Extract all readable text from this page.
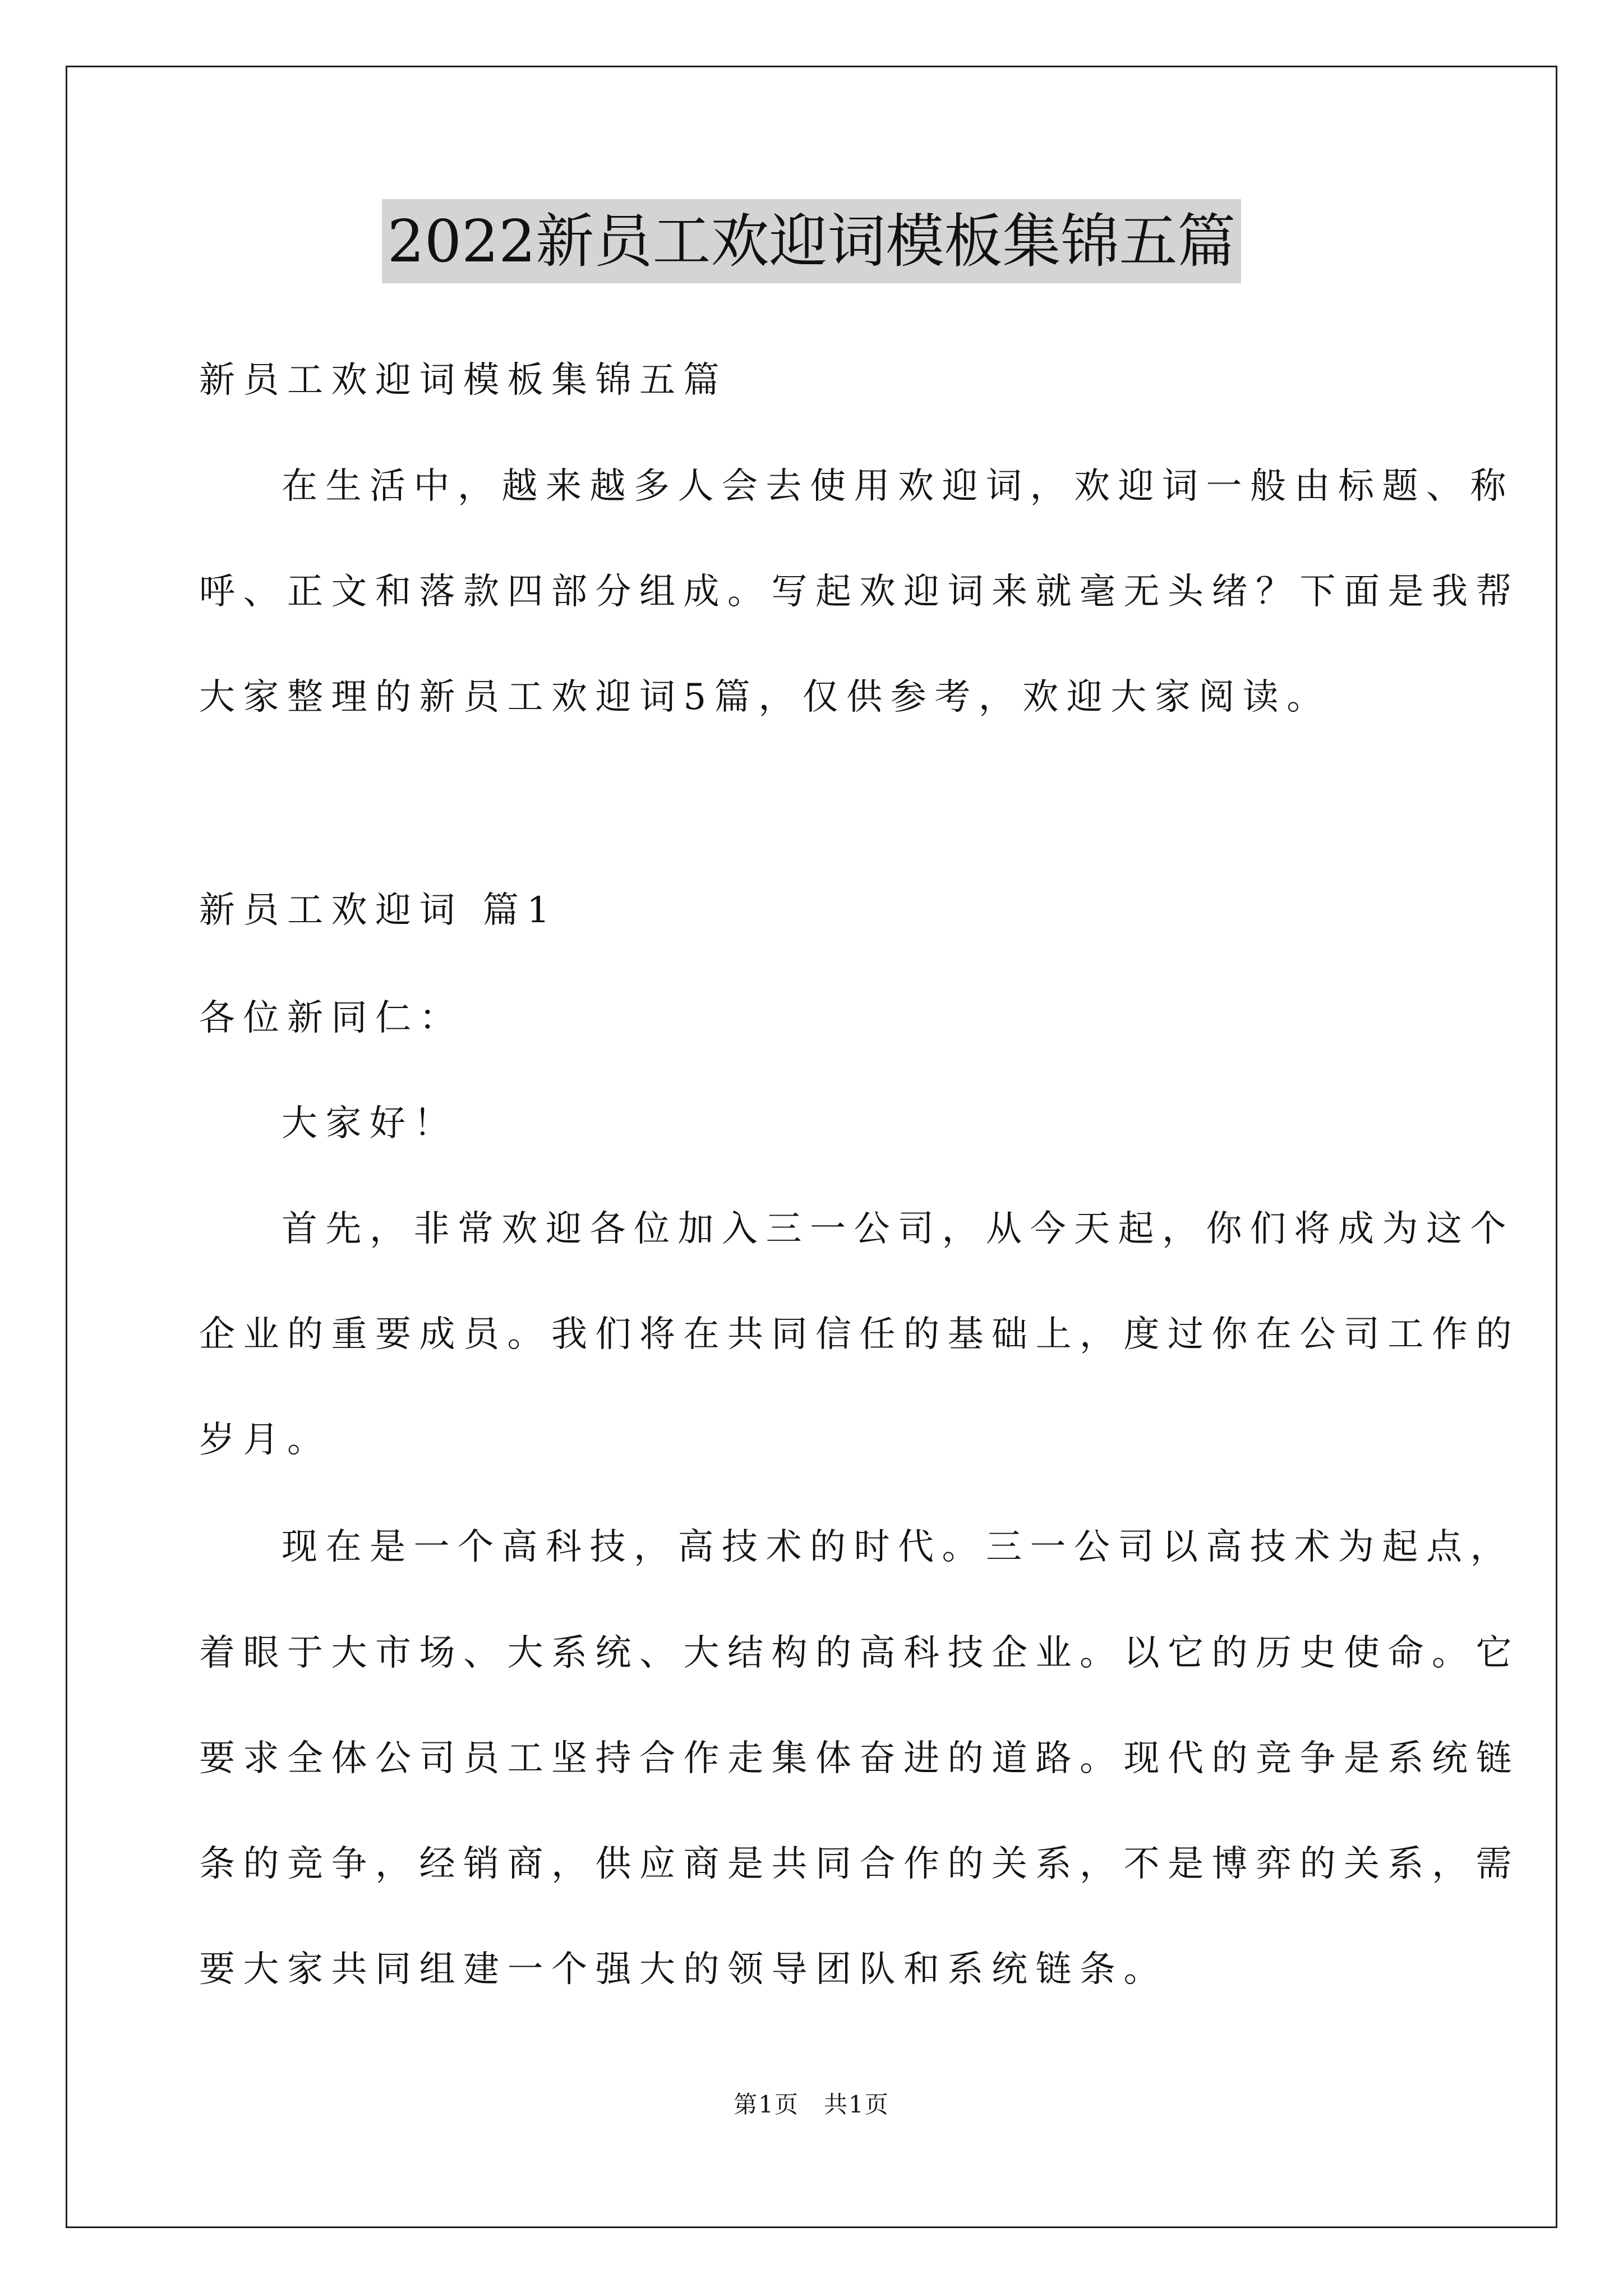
2022新员工欢迎词模板集锦五篇
新员工欢迎词模板集锦五篇
在生活中，越来越多人会去使用欢迎词，欢迎词一般由标题、称
呼、正文和落款四部分组成。写起欢迎词来就毫无头绪？下面是我帮
大家整理的新员工欢迎词5篇，仅供参考，欢迎大家阅读。
新员工欢迎词 篇1
各位新同仁：
大家好！
首先，非常欢迎各位加入三一公司，从今天起，你们将成为这个
企业的重要成员。我们将在共同信任的基础上，度过你在公司工作的
岁月。
现在是一个高科技，高技术的时代。三一公司以高技术为起点，
着眼于大市场、大系统、大结构的高科技企业。以它的历史使命。它
要求全体公司员工坚持合作走集体奋进的道路。现代的竞争是系统链
条的竞争，经销商，供应商是共同合作的关系，不是博弈的关系，需
要大家共同组建一个强大的领导团队和系统链条。
第1页　共1页
